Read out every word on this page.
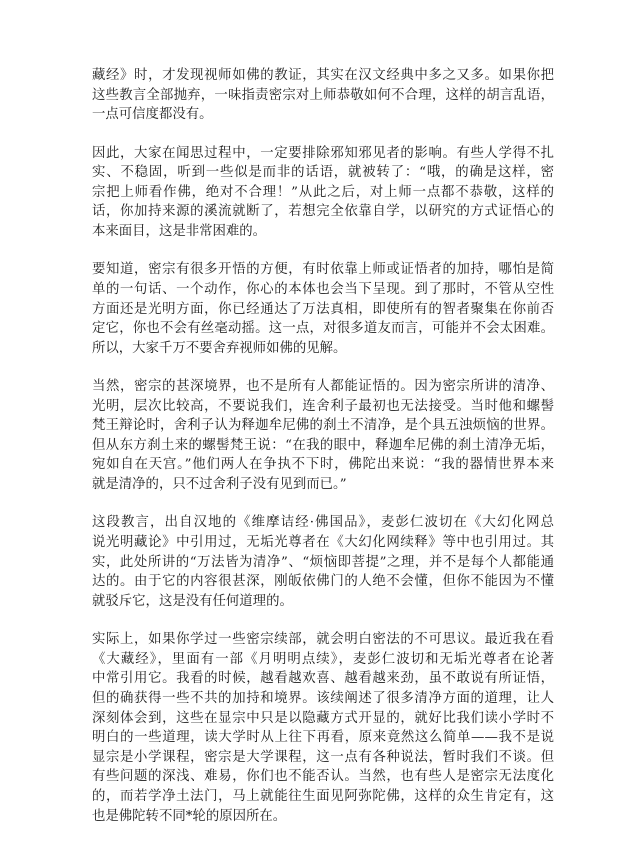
藏经》时，才发现视师如佛的教证，其实在汉文经典中多之又多。如果你把
这些教言全部抛弃，一味指责密宗对上师恭敬如何不合理，这样的胡言乱语，
一点可信度都没有。

因此，大家在闻思过程中，一定要排除邪知邪见者的影响。有些人学得不扎
实、不稳固，听到一些似是而非的话语，就被转了：“哦，的确是这样，密
宗把上师看作佛，绝对不合理！”从此之后，对上师一点都不恭敬，这样的
话，你加持来源的溪流就断了，若想完全依靠自学，以研究的方式证悟心的
本来面目，这是非常困难的。

要知道，密宗有很多开悟的方便，有时依靠上师或证悟者的加持，哪怕是简
单的一句话、一个动作，你心的本体也会当下呈现。到了那时，不管从空性
方面还是光明方面，你已经通达了万法真相，即使所有的智者聚集在你前否
定它，你也不会有丝毫动摇。这一点，对很多道友而言，可能并不会太困难。
所以，大家千万不要舍弃视师如佛的见解。

当然，密宗的甚深境界，也不是所有人都能证悟的。因为密宗所讲的清净、
光明，层次比较高，不要说我们，连舍利子最初也无法接受。当时他和螺髻
梵王辩论时，舍利子认为释迦牟尼佛的刹土不清净，是个具五浊烦恼的世界。
但从东方刹土来的螺髻梵王说：“在我的眼中，释迦牟尼佛的刹土清净无垢，
宛如自在天宫。”他们两人在争执不下时，佛陀出来说：“我的器情世界本来
就是清净的，只不过舍利子没有见到而已。”

这段教言，出自汉地的《维摩诘经·佛国品》，麦彭仁波切在《大幻化网总
说光明藏论》中引用过，无垢光尊者在《大幻化网续释》等中也引用过。其
实，此处所讲的“万法皆为清净”、“烦恼即菩提”之理，并不是每个人都能通
达的。由于它的内容很甚深，刚皈依佛门的人绝不会懂，但你不能因为不懂
就驳斥它，这是没有任何道理的。

实际上，如果你学过一些密宗续部，就会明白密法的不可思议。最近我在看
《大藏经》，里面有一部《月明明点续》，麦彭仁波切和无垢光尊者在论著
中常引用它。我看的时候，越看越欢喜、越看越来劲，虽不敢说有所证悟，
但的确获得一些不共的加持和境界。该续阐述了很多清净方面的道理，让人
深刻体会到，这些在显宗中只是以隐藏方式开显的，就好比我们读小学时不
明白的一些道理，读大学时从上往下再看，原来竟然这么简单——我不是说
显宗是小学课程，密宗是大学课程，这一点有各种说法，暂时我们不谈。但
有些问题的深浅、难易，你们也不能否认。当然，也有些人是密宗无法度化
的，而若学净土法门，马上就能往生面见阿弥陀佛，这样的众生肯定有，这
也是佛陀转不同*轮的原因所在。
